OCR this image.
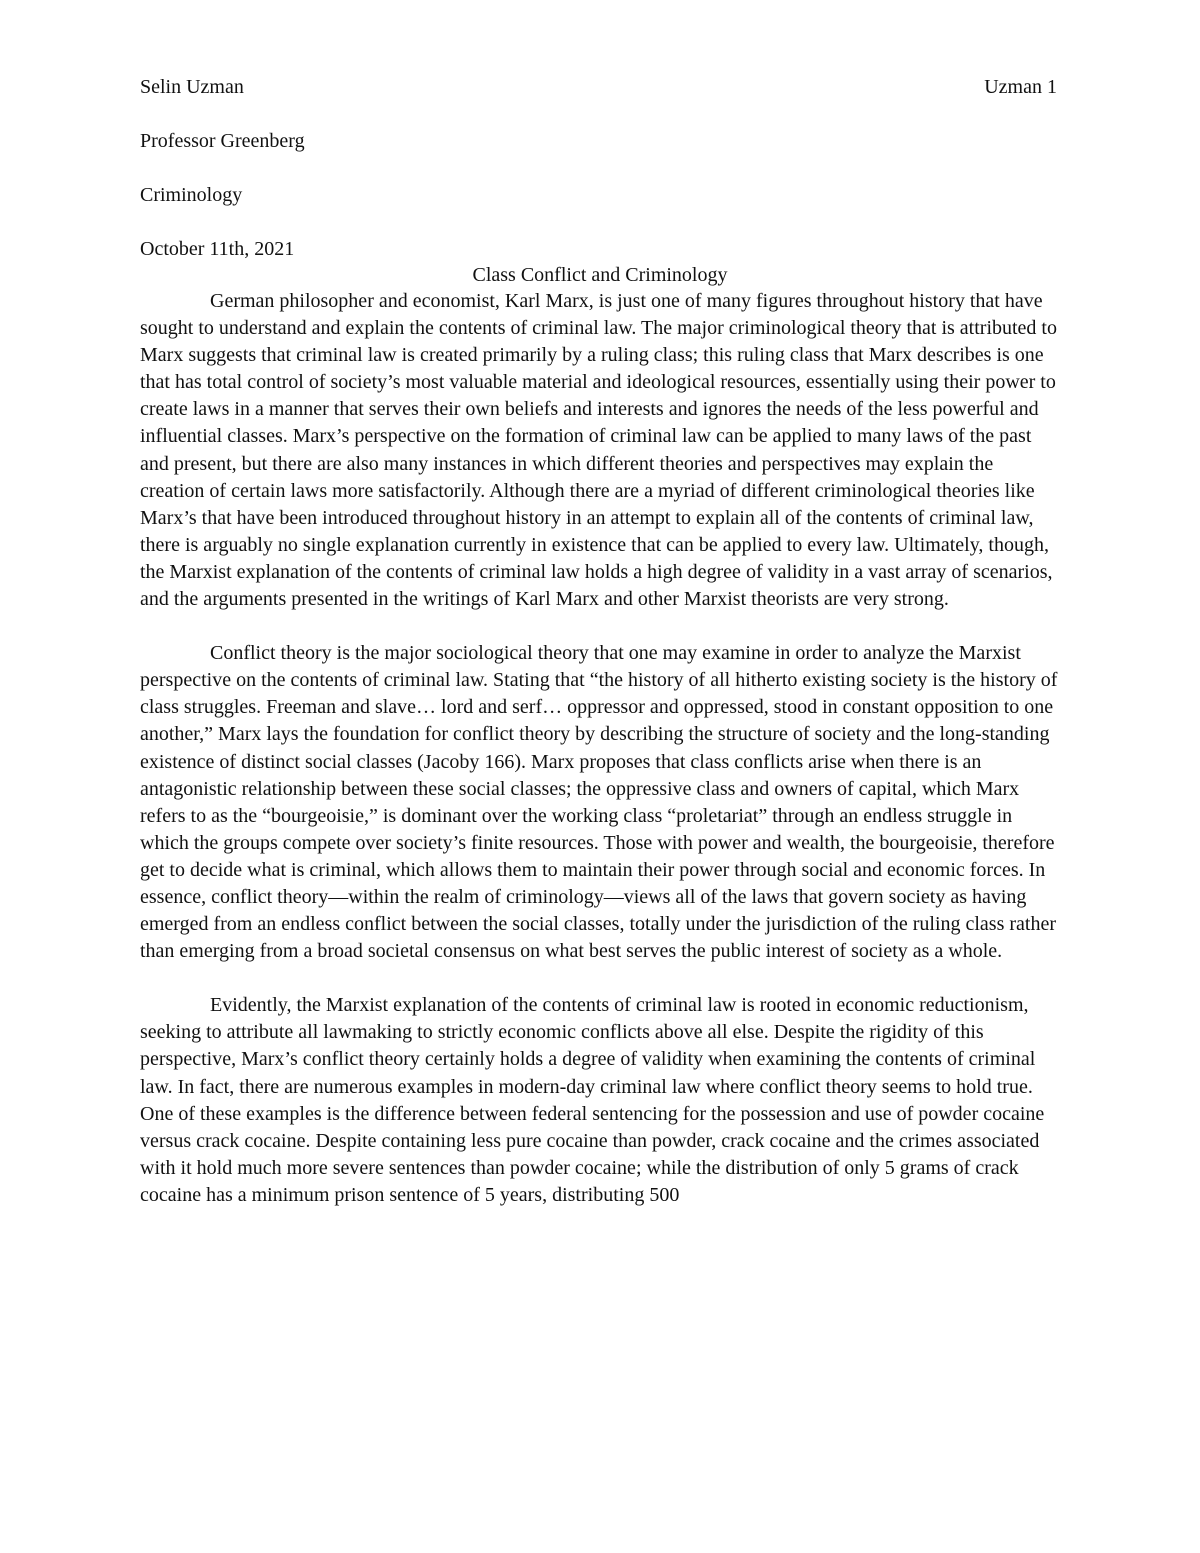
Selin Uzman	Uzman 1
Professor Greenberg
Criminology
October 11th, 2021
Class Conflict and Criminology

German philosopher and economist, Karl Marx, is just one of many figures throughout history that have sought to understand and explain the contents of criminal law. The major criminological theory that is attributed to Marx suggests that criminal law is created primarily by a ruling class; this ruling class that Marx describes is one that has total control of society’s most valuable material and ideological resources, essentially using their power to create laws in a manner that serves their own beliefs and interests and ignores the needs of the less powerful and influential classes. Marx’s perspective on the formation of criminal law can be applied to many laws of the past and present, but there are also many instances in which different theories and perspectives may explain the creation of certain laws more satisfactorily. Although there are a myriad of different criminological theories like Marx’s that have been introduced throughout history in an attempt to explain all of the contents of criminal law, there is arguably no single explanation currently in existence that can be applied to every law. Ultimately, though, the Marxist explanation of the contents of criminal law holds a high degree of validity in a vast array of scenarios, and the arguments presented in the writings of Karl Marx and other Marxist theorists are very strong.

Conflict theory is the major sociological theory that one may examine in order to analyze the Marxist perspective on the contents of criminal law. Stating that “the history of all hitherto existing society is the history of class struggles. Freeman and slave… lord and serf… oppressor and oppressed, stood in constant opposition to one another,” Marx lays the foundation for conflict theory by describing the structure of society and the long-standing existence of distinct social classes (Jacoby 166). Marx proposes that class conflicts arise when there is an antagonistic relationship between these social classes; the oppressive class and owners of capital, which Marx refers to as the “bourgeoisie,” is dominant over the working class “proletariat” through an endless struggle in which the groups compete over society’s finite resources. Those with power and wealth, the bourgeoisie, therefore get to decide what is criminal, which allows them to maintain their power through social and economic forces. In essence, conflict theory—within the realm of criminology—views all of the laws that govern society as having emerged from an endless conflict between the social classes, totally under the jurisdiction of the ruling class rather than emerging from a broad societal consensus on what best serves the public interest of society as a whole.

Evidently, the Marxist explanation of the contents of criminal law is rooted in economic reductionism, seeking to attribute all lawmaking to strictly economic conflicts above all else. Despite the rigidity of this perspective, Marx’s conflict theory certainly holds a degree of validity when examining the contents of criminal law. In fact, there are numerous examples in modern-day criminal law where conflict theory seems to hold true. One of these examples is the difference between federal sentencing for the possession and use of powder cocaine versus crack cocaine. Despite containing less pure cocaine than powder, crack cocaine and the crimes associated with it hold much more severe sentences than powder cocaine; while the distribution of only 5 grams of crack cocaine has a minimum prison sentence of 5 years, distributing 500
